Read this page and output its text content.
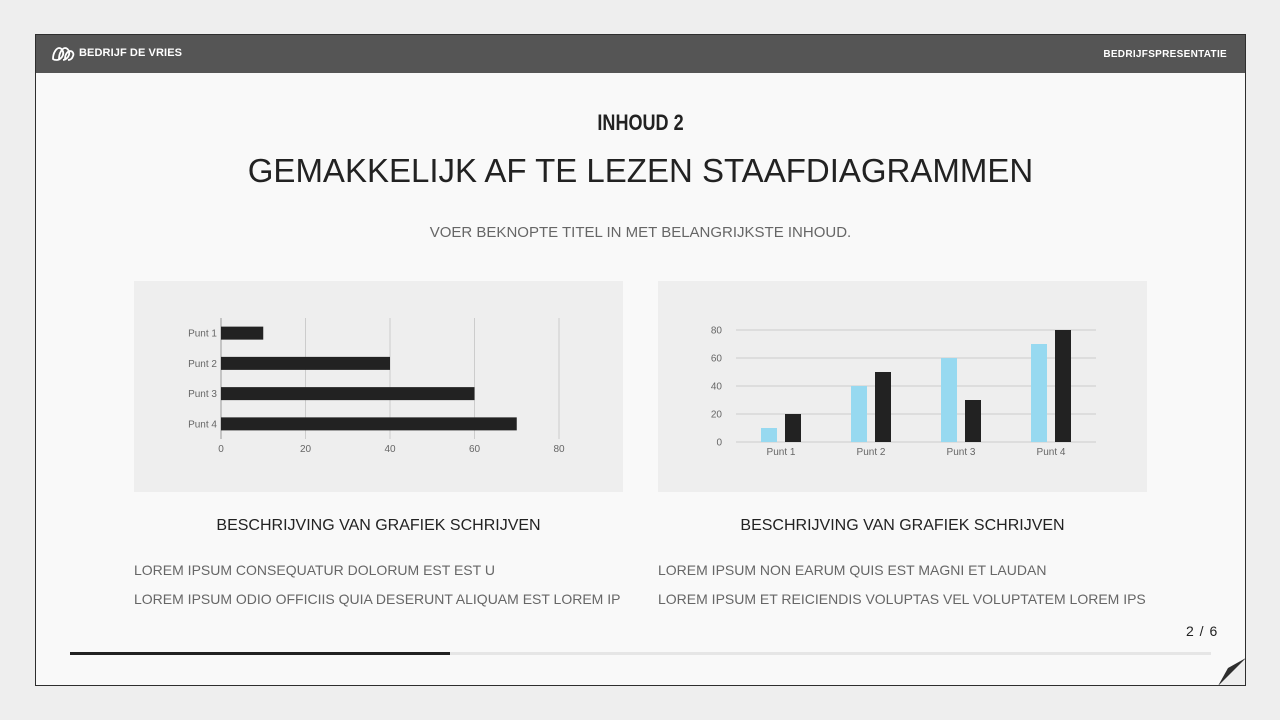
BEDRIJF DE VRIES	BEDRIJFSPRESENTATIE
INHOUD 2
GEMAKKELIJK AF TE LEZEN STAAFDIAGRAMMEN
VOER BEKNOPTE TITEL IN MET BELANGRIJKSTE INHOUD.
0	20	40	60	80
Punt 1
Punt 2
Punt 3
Punt 4
0
20
40
60
80
Punt 1	Punt 2	Punt 3	Punt 4
BESCHRIJVING VAN GRAFIEK SCHRIJVEN	BESCHRIJVING VAN GRAFIEK SCHRIJVEN
LOREM IPSUM CONSEQUATUR DOLORUM EST EST U
LOREM IPSUM ODIO OFFICIIS QUIA DESERUNT ALIQUAM EST LOREM IP
LOREM IPSUM NON EARUM QUIS EST MAGNI ET LAUDAN
LOREM IPSUM ET REICIENDIS VOLUPTAS VEL VOLUPTATEM LOREM IPS
2 / 6
